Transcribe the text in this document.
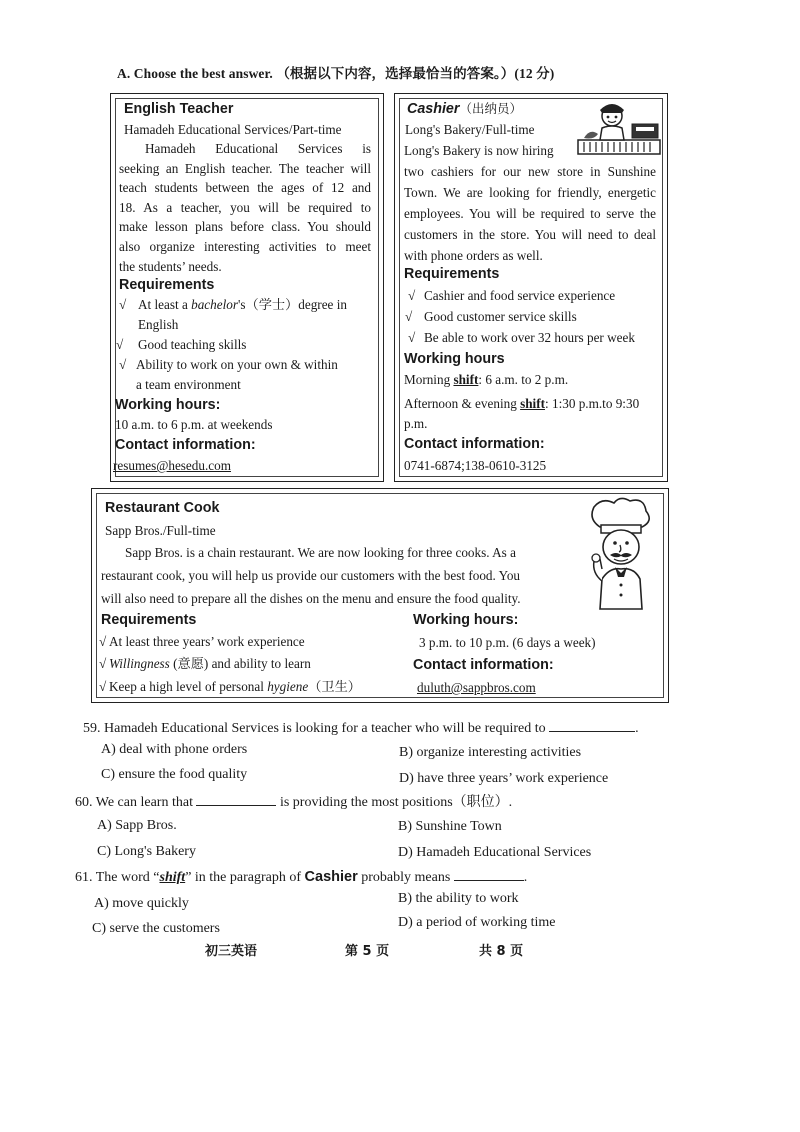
A. Choose the best answer. （根据以下内容，选择最恰当的答案。）(12 分)
English Teacher
Hamadeh Educational Services/Part-time
Hamadeh Educational Services is
seeking an English teacher. The teacher will
teach students between the ages of 12 and
18. As a teacher, you will be required to
make lesson plans before class. You should
also organize interesting activities to meet
the students’ needs.
Requirements
√ At least a bachelor's（学士）degree in
English
√ Good teaching skills
√ Ability to work on your own & within
a team environment
Working hours:
10 a.m. to 6 p.m. at weekends
Contact information:
resumes@hesedu.com
Cashier（出纳员）
Long's Bakery/Full-time
Long's Bakery is now hiring
two cashiers for our new store in Sunshine
Town. We are looking for friendly, energetic
employees. You will be required to serve the
customers in the store. You will need to deal
with phone orders as well.
Requirements
√ Cashier and food service experience
√ Good customer service skills
√ Be able to work over 32 hours per week
Working hours
Morning shift: 6 a.m. to 2 p.m.
Afternoon & evening shift: 1:30 p.m.to 9:30
p.m.
Contact information:
0741-6874;138-0610-3125
Restaurant Cook
Sapp Bros./Full-time
Sapp Bros. is a chain restaurant. We are now looking for three cooks. As a
restaurant cook, you will help us provide our customers with the best food. You
will also need to prepare all the dishes on the menu and ensure the food quality.
Requirements
√ At least three years’ work experience
√ Willingness (意愿) and ability to learn
√ Keep a high level of personal hygiene（卫生）
Working hours:
3 p.m. to 10 p.m. (6 days a week)
Contact information:
duluth@sappbros.com
59. Hamadeh Educational Services is looking for a teacher who will be required to	.
A) deal with phone orders	B) organize interesting activities
C) ensure the food quality	D) have three years’ work experience
60. We can learn that	is providing the most positions（职位）.
A) Sapp Bros.	B) Sunshine Town
C) Long's Bakery	D) Hamadeh Educational Services
61. The word “shift” in the paragraph of Cashier probably means	.
A) move quickly	B) the ability to work
C) serve the customers	D) a period of working time
初三英语	第 5 页	共 8 页
